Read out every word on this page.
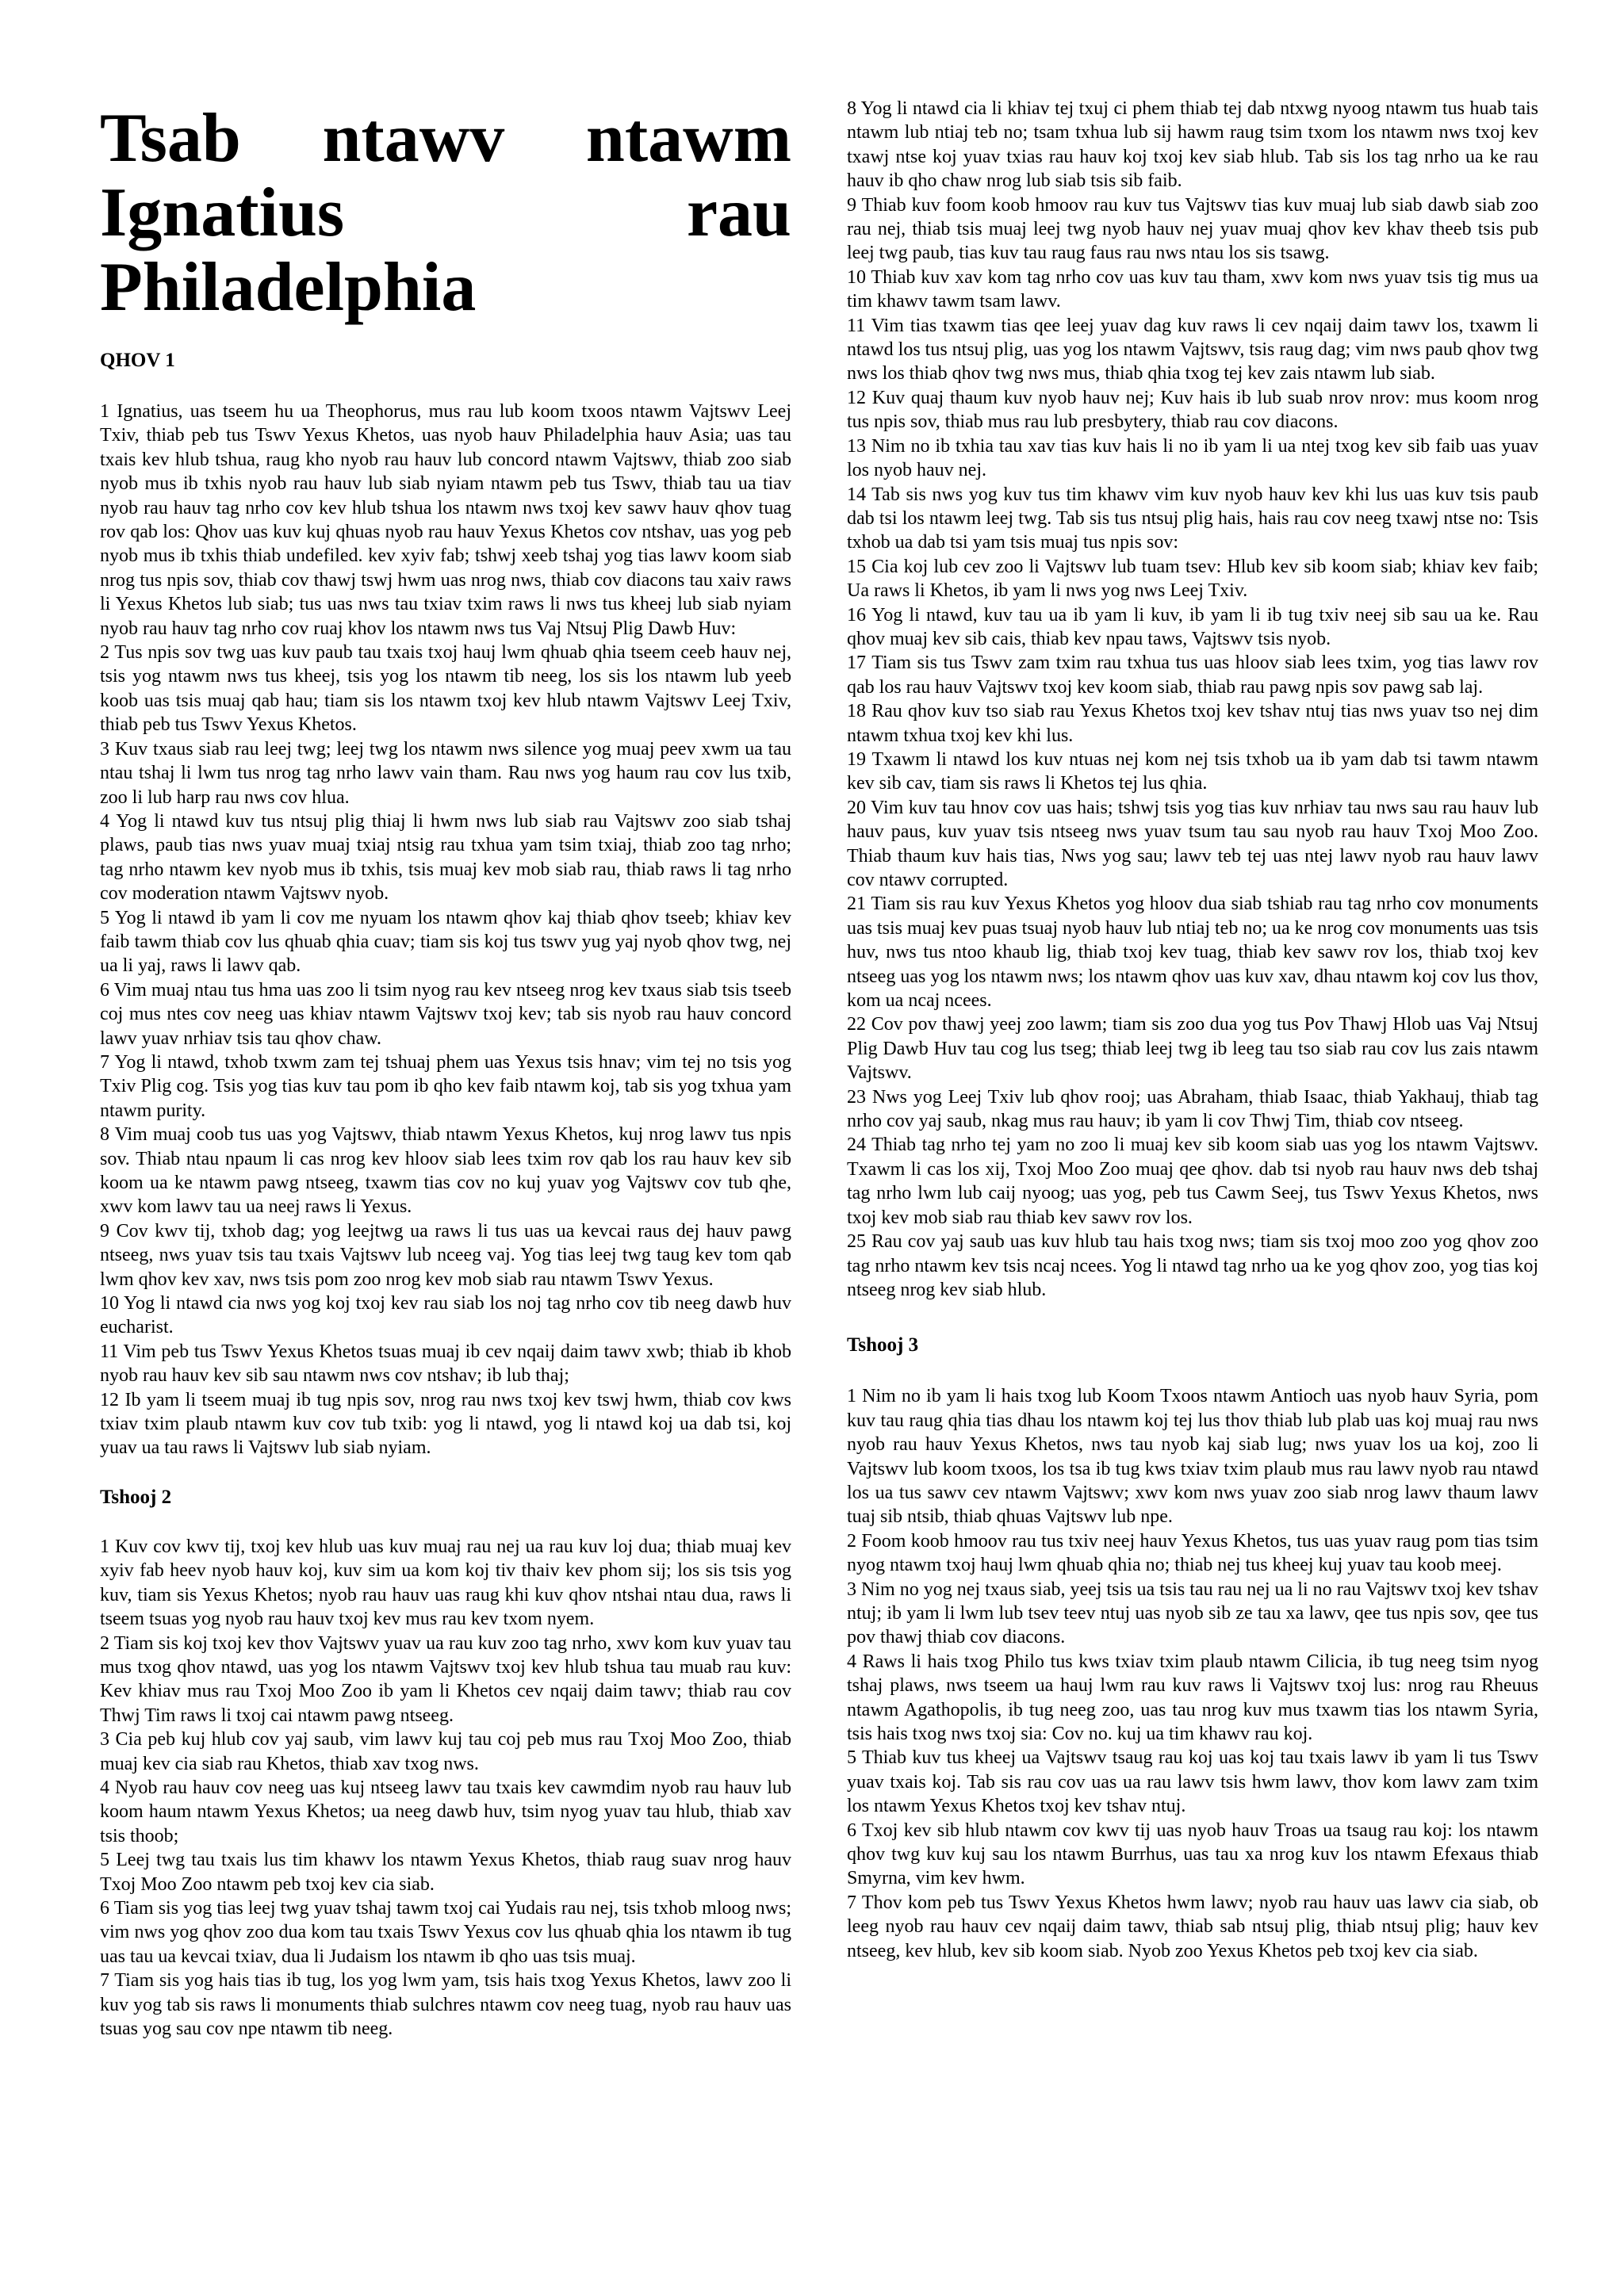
Tsab ntawv ntawm Ignatius rau Philadelphia
QHOV 1

1 Ignatius, uas tseem hu ua Theophorus, mus rau lub koom txoos ntawm Vajtswv Leej Txiv, thiab peb tus Tswv Yexus Khetos, uas nyob hauv Philadelphia hauv Asia; uas tau txais kev hlub tshua, raug kho nyob rau hauv lub concord ntawm Vajtswv, thiab zoo siab nyob mus ib txhis nyob rau hauv lub siab nyiam ntawm peb tus Tswv, thiab tau ua tiav nyob rau hauv tag nrho cov kev hlub tshua los ntawm nws txoj kev sawv hauv qhov tuag rov qab los: Qhov uas kuv kuj qhuas nyob rau hauv Yexus Khetos cov ntshav, uas yog peb nyob mus ib txhis thiab undefiled. kev xyiv fab; tshwj xeeb tshaj yog tias lawv koom siab nrog tus npis sov, thiab cov thawj tswj hwm uas nrog nws, thiab cov diacons tau xaiv raws li Yexus Khetos lub siab; tus uas nws tau txiav txim raws li nws tus kheej lub siab nyiam nyob rau hauv tag nrho cov ruaj khov los ntawm nws tus Vaj Ntsuj Plig Dawb Huv:

2 Tus npis sov twg uas kuv paub tau txais txoj hauj lwm qhuab qhia tseem ceeb hauv nej, tsis yog ntawm nws tus kheej, tsis yog los ntawm tib neeg, los sis los ntawm lub yeeb koob uas tsis muaj qab hau; tiam sis los ntawm txoj kev hlub ntawm Vajtswv Leej Txiv, thiab peb tus Tswv Yexus Khetos.

3 Kuv txaus siab rau leej twg; leej twg los ntawm nws silence yog muaj peev xwm ua tau ntau tshaj li lwm tus nrog tag nrho lawv vain tham. Rau nws yog haum rau cov lus txib, zoo li lub harp rau nws cov hlua.

4 Yog li ntawd kuv tus ntsuj plig thiaj li hwm nws lub siab rau Vajtswv zoo siab tshaj plaws, paub tias nws yuav muaj txiaj ntsig rau txhua yam tsim txiaj, thiab zoo tag nrho; tag nrho ntawm kev nyob mus ib txhis, tsis muaj kev mob siab rau, thiab raws li tag nrho cov moderation ntawm Vajtswv nyob.

5 Yog li ntawd ib yam li cov me nyuam los ntawm qhov kaj thiab qhov tseeb; khiav kev faib tawm thiab cov lus qhuab qhia cuav; tiam sis koj tus tswv yug yaj nyob qhov twg, nej ua li yaj, raws li lawv qab.

6 Vim muaj ntau tus hma uas zoo li tsim nyog rau kev ntseeg nrog kev txaus siab tsis tseeb coj mus ntes cov neeg uas khiav ntawm Vajtswv txoj kev; tab sis nyob rau hauv concord lawv yuav nrhiav tsis tau qhov chaw.

7 Yog li ntawd, txhob txwm zam tej tshuaj phem uas Yexus tsis hnav; vim tej no tsis yog Txiv Plig cog. Tsis yog tias kuv tau pom ib qho kev faib ntawm koj, tab sis yog txhua yam ntawm purity.

8 Vim muaj coob tus uas yog Vajtswv, thiab ntawm Yexus Khetos, kuj nrog lawv tus npis sov. Thiab ntau npaum li cas nrog kev hloov siab lees txim rov qab los rau hauv kev sib koom ua ke ntawm pawg ntseeg, txawm tias cov no kuj yuav yog Vajtswv cov tub qhe, xwv kom lawv tau ua neej raws li Yexus.

9 Cov kwv tij, txhob dag; yog leejtwg ua raws li tus uas ua kevcai raus dej hauv pawg ntseeg, nws yuav tsis tau txais Vajtswv lub nceeg vaj. Yog tias leej twg taug kev tom qab lwm qhov kev xav, nws tsis pom zoo nrog kev mob siab rau ntawm Tswv Yexus.

10 Yog li ntawd cia nws yog koj txoj kev rau siab los noj tag nrho cov tib neeg dawb huv eucharist.

11 Vim peb tus Tswv Yexus Khetos tsuas muaj ib cev nqaij daim tawv xwb; thiab ib khob nyob rau hauv kev sib sau ntawm nws cov ntshav; ib lub thaj;

12 Ib yam li tseem muaj ib tug npis sov, nrog rau nws txoj kev tswj hwm, thiab cov kws txiav txim plaub ntawm kuv cov tub txib: yog li ntawd, yog li ntawd koj ua dab tsi, koj yuav ua tau raws li Vajtswv lub siab nyiam.

Tshooj 2

1 Kuv cov kwv tij, txoj kev hlub uas kuv muaj rau nej ua rau kuv loj dua; thiab muaj kev xyiv fab heev nyob hauv koj, kuv sim ua kom koj tiv thaiv kev phom sij; los sis tsis yog kuv, tiam sis Yexus Khetos; nyob rau hauv uas raug khi kuv qhov ntshai ntau dua, raws li tseem tsuas yog nyob rau hauv txoj kev mus rau kev txom nyem.

2 Tiam sis koj txoj kev thov Vajtswv yuav ua rau kuv zoo tag nrho, xwv kom kuv yuav tau mus txog qhov ntawd, uas yog los ntawm Vajtswv txoj kev hlub tshua tau muab rau kuv: Kev khiav mus rau Txoj Moo Zoo ib yam li Khetos cev nqaij daim tawv; thiab rau cov Thwj Tim raws li txoj cai ntawm pawg ntseeg.

3 Cia peb kuj hlub cov yaj saub, vim lawv kuj tau coj peb mus rau Txoj Moo Zoo, thiab muaj kev cia siab rau Khetos, thiab xav txog nws.

4 Nyob rau hauv cov neeg uas kuj ntseeg lawv tau txais kev cawmdim nyob rau hauv lub koom haum ntawm Yexus Khetos; ua neeg dawb huv, tsim nyog yuav tau hlub, thiab xav tsis thoob;

5 Leej twg tau txais lus tim khawv los ntawm Yexus Khetos, thiab raug suav nrog hauv Txoj Moo Zoo ntawm peb txoj kev cia siab.

6 Tiam sis yog tias leej twg yuav tshaj tawm txoj cai Yudais rau nej, tsis txhob mloog nws; vim nws yog qhov zoo dua kom tau txais Tswv Yexus cov lus qhuab qhia los ntawm ib tug uas tau ua kevcai txiav, dua li Judaism los ntawm ib qho uas tsis muaj.

7 Tiam sis yog hais tias ib tug, los yog lwm yam, tsis hais txog Yexus Khetos, lawv zoo li kuv yog tab sis raws li monuments thiab sulchres ntawm cov neeg tuag, nyob rau hauv uas tsuas yog sau cov npe ntawm tib neeg.

8 Yog li ntawd cia li khiav tej txuj ci phem thiab tej dab ntxwg nyoog ntawm tus huab tais ntawm lub ntiaj teb no; tsam txhua lub sij hawm raug tsim txom los ntawm nws txoj kev txawj ntse koj yuav txias rau hauv koj txoj kev siab hlub. Tab sis los tag nrho ua ke rau hauv ib qho chaw nrog lub siab tsis sib faib.

9 Thiab kuv foom koob hmoov rau kuv tus Vajtswv tias kuv muaj lub siab dawb siab zoo rau nej, thiab tsis muaj leej twg nyob hauv nej yuav muaj qhov kev khav theeb tsis pub leej twg paub, tias kuv tau raug faus rau nws ntau los sis tsawg.

10 Thiab kuv xav kom tag nrho cov uas kuv tau tham, xwv kom nws yuav tsis tig mus ua tim khawv tawm tsam lawv.

11 Vim tias txawm tias qee leej yuav dag kuv raws li cev nqaij daim tawv los, txawm li ntawd los tus ntsuj plig, uas yog los ntawm Vajtswv, tsis raug dag; vim nws paub qhov twg nws los thiab qhov twg nws mus, thiab qhia txog tej kev zais ntawm lub siab.

12 Kuv quaj thaum kuv nyob hauv nej; Kuv hais ib lub suab nrov nrov: mus koom nrog tus npis sov, thiab mus rau lub presbytery, thiab rau cov diacons.

13 Nim no ib txhia tau xav tias kuv hais li no ib yam li ua ntej txog kev sib faib uas yuav los nyob hauv nej.

14 Tab sis nws yog kuv tus tim khawv vim kuv nyob hauv kev khi lus uas kuv tsis paub dab tsi los ntawm leej twg. Tab sis tus ntsuj plig hais, hais rau cov neeg txawj ntse no: Tsis txhob ua dab tsi yam tsis muaj tus npis sov:

15 Cia koj lub cev zoo li Vajtswv lub tuam tsev: Hlub kev sib koom siab; khiav kev faib; Ua raws li Khetos, ib yam li nws yog nws Leej Txiv.

16 Yog li ntawd, kuv tau ua ib yam li kuv, ib yam li ib tug txiv neej sib sau ua ke. Rau qhov muaj kev sib cais, thiab kev npau taws, Vajtswv tsis nyob.

17 Tiam sis tus Tswv zam txim rau txhua tus uas hloov siab lees txim, yog tias lawv rov qab los rau hauv Vajtswv txoj kev koom siab, thiab rau pawg npis sov pawg sab laj.

18 Rau qhov kuv tso siab rau Yexus Khetos txoj kev tshav ntuj tias nws yuav tso nej dim ntawm txhua txoj kev khi lus.

19 Txawm li ntawd los kuv ntuas nej kom nej tsis txhob ua ib yam dab tsi tawm ntawm kev sib cav, tiam sis raws li Khetos tej lus qhia.

20 Vim kuv tau hnov cov uas hais; tshwj tsis yog tias kuv nrhiav tau nws sau rau hauv lub hauv paus, kuv yuav tsis ntseeg nws yuav tsum tau sau nyob rau hauv Txoj Moo Zoo. Thiab thaum kuv hais tias, Nws yog sau; lawv teb tej uas ntej lawv nyob rau hauv lawv cov ntawv corrupted.

21 Tiam sis rau kuv Yexus Khetos yog hloov dua siab tshiab rau tag nrho cov monuments uas tsis muaj kev puas tsuaj nyob hauv lub ntiaj teb no; ua ke nrog cov monuments uas tsis huv, nws tus ntoo khaub lig, thiab txoj kev tuag, thiab kev sawv rov los, thiab txoj kev ntseeg uas yog los ntawm nws; los ntawm qhov uas kuv xav, dhau ntawm koj cov lus thov, kom ua ncaj ncees.

22 Cov pov thawj yeej zoo lawm; tiam sis zoo dua yog tus Pov Thawj Hlob uas Vaj Ntsuj Plig Dawb Huv tau cog lus tseg; thiab leej twg ib leeg tau tso siab rau cov lus zais ntawm Vajtswv.

23 Nws yog Leej Txiv lub qhov rooj; uas Abraham, thiab Isaac, thiab Yakhauj, thiab tag nrho cov yaj saub, nkag mus rau hauv; ib yam li cov Thwj Tim, thiab cov ntseeg.

24 Thiab tag nrho tej yam no zoo li muaj kev sib koom siab uas yog los ntawm Vajtswv. Txawm li cas los xij, Txoj Moo Zoo muaj qee qhov. dab tsi nyob rau hauv nws deb tshaj tag nrho lwm lub caij nyoog; uas yog, peb tus Cawm Seej, tus Tswv Yexus Khetos, nws txoj kev mob siab rau thiab kev sawv rov los.

25 Rau cov yaj saub uas kuv hlub tau hais txog nws; tiam sis txoj moo zoo yog qhov zoo tag nrho ntawm kev tsis ncaj ncees. Yog li ntawd tag nrho ua ke yog qhov zoo, yog tias koj ntseeg nrog kev siab hlub.

Tshooj 3

1 Nim no ib yam li hais txog lub Koom Txoos ntawm Antioch uas nyob hauv Syria, pom kuv tau raug qhia tias dhau los ntawm koj tej lus thov thiab lub plab uas koj muaj rau nws nyob rau hauv Yexus Khetos, nws tau nyob kaj siab lug; nws yuav los ua koj, zoo li Vajtswv lub koom txoos, los tsa ib tug kws txiav txim plaub mus rau lawv nyob rau ntawd los ua tus sawv cev ntawm Vajtswv; xwv kom nws yuav zoo siab nrog lawv thaum lawv tuaj sib ntsib, thiab qhuas Vajtswv lub npe.

2 Foom koob hmoov rau tus txiv neej hauv Yexus Khetos, tus uas yuav raug pom tias tsim nyog ntawm txoj hauj lwm qhuab qhia no; thiab nej tus kheej kuj yuav tau koob meej.

3 Nim no yog nej txaus siab, yeej tsis ua tsis tau rau nej ua li no rau Vajtswv txoj kev tshav ntuj; ib yam li lwm lub tsev teev ntuj uas nyob sib ze tau xa lawv, qee tus npis sov, qee tus pov thawj thiab cov diacons.

4 Raws li hais txog Philo tus kws txiav txim plaub ntawm Cilicia, ib tug neeg tsim nyog tshaj plaws, nws tseem ua hauj lwm rau kuv raws li Vajtswv txoj lus: nrog rau Rheuus ntawm Agathopolis, ib tug neeg zoo, uas tau nrog kuv mus txawm tias los ntawm Syria, tsis hais txog nws txoj sia: Cov no. kuj ua tim khawv rau koj.

5 Thiab kuv tus kheej ua Vajtswv tsaug rau koj uas koj tau txais lawv ib yam li tus Tswv yuav txais koj. Tab sis rau cov uas ua rau lawv tsis hwm lawv, thov kom lawv zam txim los ntawm Yexus Khetos txoj kev tshav ntuj.

6 Txoj kev sib hlub ntawm cov kwv tij uas nyob hauv Troas ua tsaug rau koj: los ntawm qhov twg kuv kuj sau los ntawm Burrhus, uas tau xa nrog kuv los ntawm Efexaus thiab Smyrna, vim kev hwm.

7 Thov kom peb tus Tswv Yexus Khetos hwm lawv; nyob rau hauv uas lawv cia siab, ob leeg nyob rau hauv cev nqaij daim tawv, thiab sab ntsuj plig, thiab ntsuj plig; hauv kev ntseeg, kev hlub, kev sib koom siab. Nyob zoo Yexus Khetos peb txoj kev cia siab.
